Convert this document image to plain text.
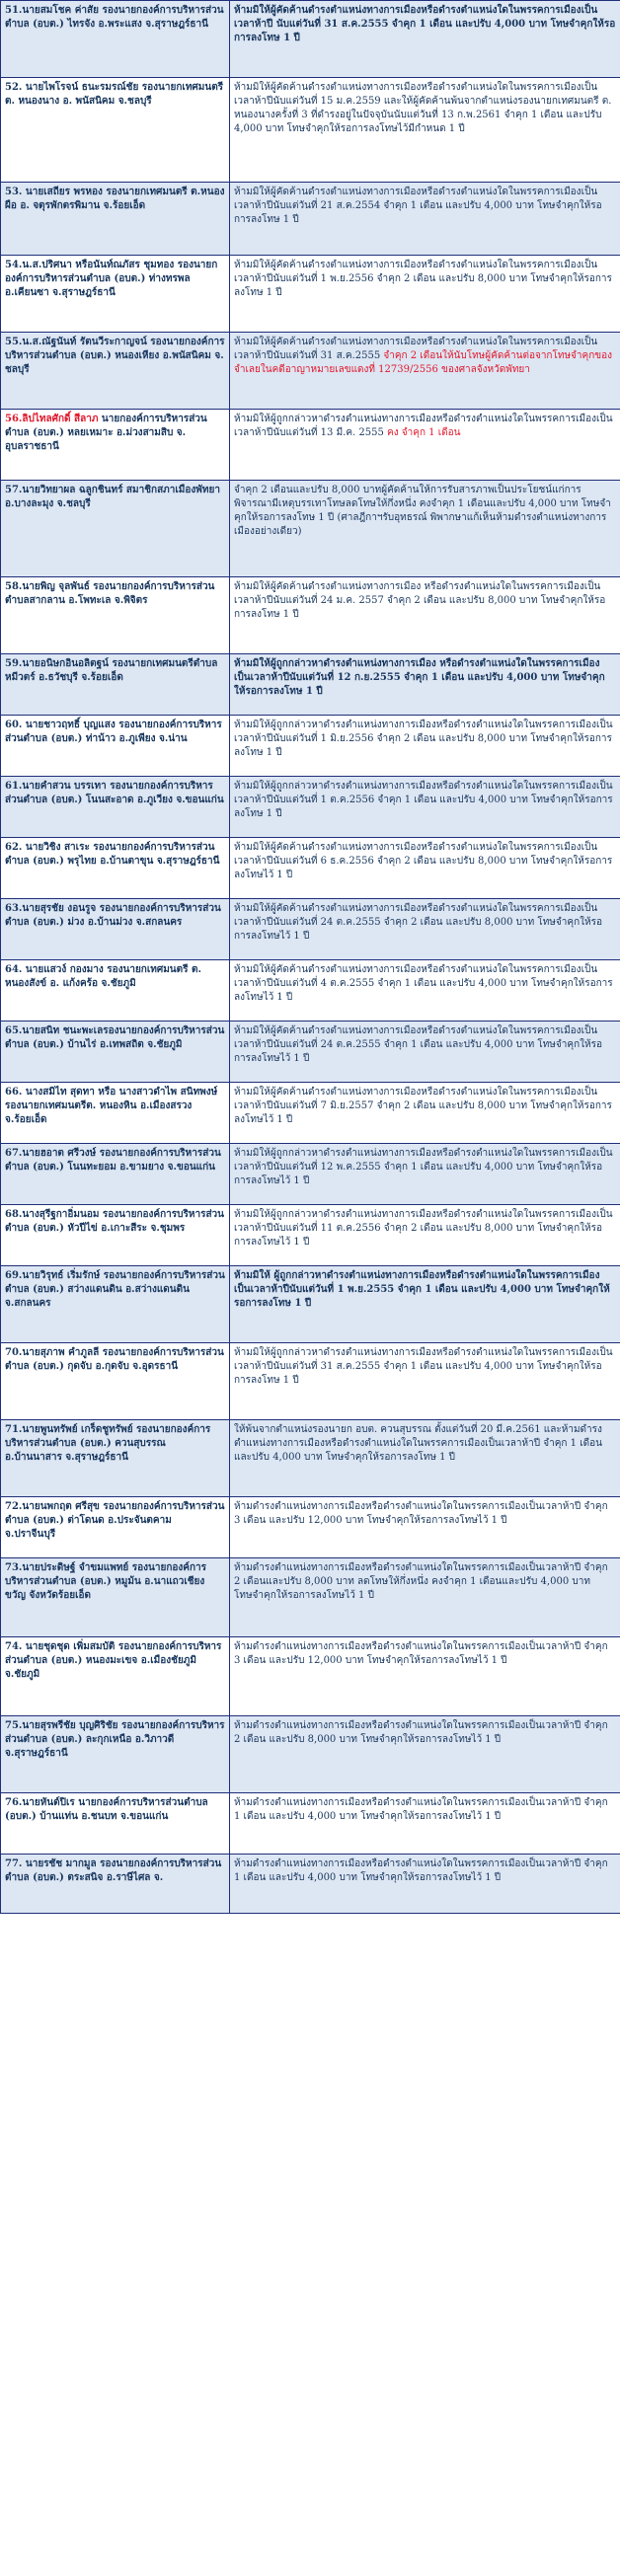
51.นายสมโชค ค่าสัย รองนายกองค์การบริหารส่วนตำบล (อบต.) ไทรจัง อ.พระแสง จ.สุราษฎร์ธานี	ห้ามมิให้ผู้คัดค้านดำรงตำแหน่งทางการเมืองหรือดำรงตำแหน่งใดในพรรคการเมืองเป็นเวลาห้าปี นับแต่วันที่ 31 ส.ค.2555 จำคุก 1 เดือน และปรับ 4,000 บาท โทษจำคุกให้รอการลงโทษ 1 ปี
52. นายไพโรจน์ ธนะรมรณ์ชัย รองนายกเทศมนตรี ต. หนองนาง อ. พนัสนิคม จ.ชลบุรี	ห้ามมิให้ผู้คัดค้านดำรงตำแหน่งทางการเมืองหรือดำรงตำแหน่งใดในพรรคการเมืองเป็นเวลาห้าปีนับแต่วันที่ 15 ม.ค.2559 และให้ผู้คัดค้านพ้นจากตำแหน่งรองนายกเทศมนตรี ต. หนองนางครั้งที่ 3 ที่ดำรงอยู่ในปัจจุบันนับแต่วันที่ 13 ก.พ.2561 จำคุก 1 เดือน และปรับ 4,000 บาท โทษจำคุกให้รอการลงโทษไว้มีกำหนด 1 ปี
53. นายเสถียร พรหอง รองนายกเทศมนตรี ต.หนองผือ อ. จตุรพักตรพิมาน จ.ร้อยเอ็ด	ห้ามมิให้ผู้คัดค้านดำรงตำแหน่งทางการเมืองหรือดำรงตำแหน่งใดในพรรคการเมืองเป็นเวลาห้าปีนับแต่วันที่ 21 ส.ค.2554 จำคุก 1 เดือน และปรับ 4,000 บาท โทษจำคุกให้รอการลงโทษ 1 ปี
54.น.ส.ปริศนา หรือนันท์ณภัสร ชุมทอง รองนายกองค์การบริหารส่วนตำบล (อบต.) ท่างทรพล อ.เคียนซา จ.สุราษฎร์ธานี	ห้ามมิให้ผู้คัดค้านดำรงตำแหน่งทางการเมืองหรือดำรงตำแหน่งใดในพรรคการเมืองเป็นเวลาห้าปีนับแต่วันที่ 1 พ.ย.2556 จำคุก 2 เดือน และปรับ 8,000 บาท โทษจำคุกให้รอการลงโทษ 1 ปี
55.น.ส.ณัฐนันท์ รัตนวีระกาญจน์ รองนายกองค์การบริหารส่วนตำบล (อบต.) หนองเหียง อ.พนัสนิคม จ. ชลบุรี	ห้ามมิให้ผู้คัดค้านดำรงตำแหน่งทางการเมืองหรือดำรงตำแหน่งใดในพรรคการเมืองเป็นเวลาห้าปีนับแต่วันที่ 31 ส.ค.2555 จำคุก 2 เดือนให้นับโทษผู้คัดค้านต่อจากโทษจำคุกของจำเลยในคดีอาญาหมายเลขแดงที่ 12739/2556 ของศาลจังหวัดพัทยา
56.ลิปไทลศักดิ์ สีลาภ นายกองค์การบริหารส่วนตำบล (อบต.) หลยเหมาะ อ.ม่วงสามสิบ จ. อุบลราชธานี	ห้ามมิให้ผู้ถูกกล่าวหาดำรงตำแหน่งทางการเมืองหรือดำรงตำแหน่งใดในพรรคการเมืองเป็นเวลาห้าปีนับแต่วันที่ 13 มี.ค. 2555 คง จำคุก 1 เดือน
57.นายวิทยาผล ฉลูกชินทร์ สมาชิกสภาเมืองพัทยา อ.บางละมุง จ.ชลบุรี	จำคุก 2 เดือนและปรับ 8,000 บาทผู้คัดค้านให้การรับสารภาพเป็นประโยชน์แก่การพิจารณามีเหตุบรรเทาโทษลดโทษให้กึ่งหนึ่ง คงจำคุก 1 เดือนและปรับ 4,000 บาท โทษจำคุกให้รอการลงโทษ 1 ปี (ศาลฎีกาฯรับอุทธรณ์ พิพากษาแก้เห็นห้ามดำรงตำแหน่งทางการเมืองอย่างเดียว)
58.นายพิญ จุลพันธ์ รองนายกองค์การบริหารส่วนตำบลสากลาน อ.โพทะเล จ.พิจิตร	ห้ามมิให้ผู้คัดค้านดำรงตำแหน่งทางการเมือง หรือดำรงตำแหน่งใดในพรรคการเมืองเป็นเวลาห้าปีนับแต่วันที่ 24 ม.ค. 2557 จำคุก 2 เดือน และปรับ 8,000 บาท โทษจำคุกให้รอการลงโทษ 1 ปี
59.นายอนิษกอินอลิตฐน์ รองนายกเทศมนตรีตำบลหมีวตร์ อ.ธวัชบุรี จ.ร้อยเอ็ด	ห้ามมิให้ผู้ถูกกล่าวหาดำรงตำแหน่งทางการเมือง หรือดำรงตำแหน่งใดในพรรคการเมืองเป็นเวลาห้าปีนับแต่วันที่ 12 ก.ย.2555 จำคุก 1 เดือน และปรับ 4,000 บาท โทษจำคุกให้รอการลงโทษ 1 ปี
60. นายชาวฤทธิ์ บุญแสง รองนายกองค์การบริหารส่วนตำบล (อบต.) ท่าน้าว อ.ภูเพียง จ.น่าน	ห้ามมิให้ผู้ถูกกล่าวหาดำรงตำแหน่งทางการเมืองหรือดำรงตำแหน่งใดในพรรคการเมืองเป็นเวลาห้าปีนับแต่วันที่ 1 มิ.ย.2556 จำคุก 2 เดือน และปรับ 8,000 บาท โทษจำคุกให้รอการลงโทษ 1 ปี
61.นายคำสวน บรรเทา รองนายกองค์การบริหารส่วนตำบล (อบต.) โนนสะอาด อ.ภูเวียง จ.ขอนแก่น	ห้ามมิให้ผู้ถูกกล่าวหาดำรงตำแหน่งทางการเมืองหรือดำรงตำแหน่งใดในพรรคการเมืองเป็นเวลาห้าปีนับแต่วันที่ 1 ต.ค.2556 จำคุก 1 เดือน และปรับ 4,000 บาท โทษจำคุกให้รอการลงโทษ 1 ปี
62. นายวิชิง สาเระ รองนายกองค์การบริหารส่วนตำบล (อบต.) พรุไทย อ.บ้านตาขุน จ.สุราษฎร์ธานี	ห้ามมิให้ผู้คัดค้านดำรงตำแหน่งทางการเมืองหรือดำรงตำแหน่งใดในพรรคการเมืองเป็นเวลาห้าปีนับแต่วันที่ 6 ธ.ค.2556 จำคุก 2 เดือน และปรับ 8,000 บาท โทษจำคุกให้รอการลงโทษไว้ 1 ปี
63.นายสุรชัย งอนรูจ รองนายกองค์การบริหารส่วนตำบล (อบต.) ม่วง อ.บ้านม่วง จ.สกลนคร	ห้ามมิให้ผู้คัดค้านดำรงตำแหน่งทางการเมืองหรือดำรงตำแหน่งใดในพรรคการเมืองเป็นเวลาห้าปีนับแต่วันที่ 24 ต.ค.2555 จำคุก 2 เดือน และปรับ 8,000 บาท โทษจำคุกให้รอการลงโทษไว้ 1 ปี
64. นายแสวง์ กองมาง รองนายกเทศมนตรี ต. หนองสังข์ อ. แก้งคร้อ จ.ชัยภูมิ	ห้ามมิให้ผู้คัดค้านดำรงตำแหน่งทางการเมืองหรือดำรงตำแหน่งใดในพรรคการเมืองเป็นเวลาห้าปีนับแต่วันที่ 4 ต.ค.2555 จำคุก 1 เดือน และปรับ 4,000 บาท โทษจำคุกให้รอการลงโทษไว้ 1 ปี
65.นายสนิท ชนะพะเลรองนายกองค์การบริหารส่วนตำบล (อบต.) บ้านไร่ อ.เทพสถิต จ.ชัยภูมิ	ห้ามมิให้ผู้คัดค้านดำรงตำแหน่งทางการเมืองหรือดำรงตำแหน่งใดในพรรคการเมืองเป็นเวลาห้าปีนับแต่วันที่ 24 ต.ค.2555 จำคุก 1 เดือน และปรับ 4,000 บาท โทษจำคุกให้รอการลงโทษไว้ 1 ปี
66. นางสมิไท สุดทา หรือ นางสาวดำไพ สนิทพงษ์ รองนายกเทศมนตรีต. หนองหิน อ.เมืองสรวง จ.ร้อยเอ็ด	ห้ามมิให้ผู้คัดค้านดำรงตำแหน่งทางการเมืองหรือดำรงตำแหน่งใดในพรรคการเมืองเป็นเวลาห้าปีนับแต่วันที่ 7 มิ.ย.2557 จำคุก 2 เดือน และปรับ 8,000 บาท โทษจำคุกให้รอการลงโทษไว้ 1 ปี
67.นายฮอาต ศรีวงษ์ รองนายกองค์การบริหารส่วนตำบล (อบต.) โนนทะยอม อ.ขามยาง จ.ขอนแก่น	ห้ามมิให้ผู้ถูกกล่าวหาดำรงตำแหน่งทางการเมืองหรือดำรงตำแหน่งใดในพรรคการเมืองเป็นเวลาห้าปีนับแต่วันที่ 12 พ.ค.2555 จำคุก 1 เดือน และปรับ 4,000 บาท โทษจำคุกให้รอการลงโทษไว้ 1 ปี
68.นางสุรีฐกาอิ่มนอม รองนายกองค์การบริหารส่วนตำบล (อบต.) หัวปีไข่ อ.เกาะสีระ จ.ชุมพร	ห้ามมิให้ผู้ถูกกล่าวหาดำรงตำแหน่งทางการเมืองหรือดำรงตำแหน่งใดในพรรคการเมืองเป็นเวลาห้าปีนับแต่วันที่ 11 ต.ค.2556 จำคุก 2 เดือน และปรับ 8,000 บาท โทษจำคุกให้รอการลงโทษไว้ 1 ปี
69.นายวิรุทธ์ เริ่มรักษ์ รองนายกองค์การบริหารส่วนตำบล (อบต.) สว่างแดนดิน อ.สว่างแดนดิน จ.สกลนคร	ห้ามมิให้ ผู้ถูกกล่าวหาดำรงตำแหน่งทางการเมืองหรือดำรงตำแหน่งใดในพรรคการเมืองเป็นเวลาห้าปีนับแต่วันที่ 1 พ.ย.2555 จำคุก 1 เดือน และปรับ 4,000 บาท โทษจำคุกให้รอการลงโทษ 1 ปี
70.นายสุภาพ คำภูลลี รองนายกองค์การบริหารส่วนตำบล (อบต.) กุดจับ อ.กุดจับ จ.อุดรธานี	ห้ามมิให้ผู้ถูกกล่าวหาดำรงตำแหน่งทางการเมืองหรือดำรงตำแหน่งใดในพรรคการเมืองเป็นเวลาห้าปีนับแต่วันที่ 31 ส.ค.2555 จำคุก 1 เดือน และปรับ 4,000 บาท โทษจำคุกให้รอการลงโทษ 1 ปี
71.นายพูนทรัพย์ เกร็ดชูทรัพย์ รองนายกองค์การบริหารส่วนตำบล (อบต.) ควนสุบรรณ อ.บ้านนาสาร จ.สุราษฎร์ธานี	ให้พ้นจากตำแหน่งรองนายก อบต. ควนสุบรรณ ตั้งแต่วันที่ 20 มี.ค.2561 และห้ามดำรงตำแหน่งทางการเมืองหรือดำรงตำแหน่งใดในพรรคการเมืองเป็นเวลาห้าปี จำคุก 1 เดือน และปรับ 4,000 บาท โทษจำคุกให้รอการลงโทษ 1 ปี
72.นายนพกฤต ศรีสุข รองนายกองค์การบริหารส่วนตำบล (อบต.) ต่าโดนด อ.ประจันตคาม จ.ปราจีนบุรี	ห้ามดำรงตำแหน่งทางการเมืองหรือดำรงตำแหน่งใดในพรรคการเมืองเป็นเวลาห้าปี จำคุก 3 เดือน และปรับ 12,000 บาท โทษจำคุกให้รอการลงโทษไว้ 1 ปี
73.นายประดิษฐ์ จำขมแพทย์ รองนายกองค์การบริหารส่วนตำบล (อบต.) หมูม้น อ.นาแถวเชียงขวัญ จังหวัดร้อยเอ็ด	ห้ามดำรงตำแหน่งทางการเมืองหรือดำรงตำแหน่งใดในพรรคการเมืองเป็นเวลาห้าปี จำคุก 2 เดือนและปรับ 8,000 บาท ลดโทษให้กึ่งหนึ่ง คงจำคุก 1 เดือนและปรับ 4,000 บาท โทษจำคุกให้รอการลงโทษไว้ 1 ปี
74. นายชุดชุด เพิ่มสมบัติ รองนายกองค์การบริหารส่วนตำบล (อบต.) หนองมะเขจ อ.เมืองชัยภูมิ จ.ชัยภูมิ	ห้ามดำรงตำแหน่งทางการเมืองหรือดำรงตำแหน่งใดในพรรคการเมืองเป็นเวลาห้าปี จำคุก 3 เดือน และปรับ 12,000 บาท โทษจำคุกให้รอการลงโทษไว้ 1 ปี
75.นายสุรพรีชัย บุญศิริชัย รองนายกองค์การบริหารส่วนตำบล (อบต.) ละกุกเหนือ อ.วิภาวดี จ.สุราษฎร์ธานี	ห้ามดำรงตำแหน่งทางการเมืองหรือดำรงตำแหน่งใดในพรรคการเมืองเป็นเวลาห้าปี จำคุก 2 เดือน และปรับ 8,000 บาท โทษจำคุกให้รอการลงโทษไว้ 1 ปี
76.นายหันต์ปิเร นายกองค์การบริหารส่วนตำบล (อบต.) บ้านแท่น อ.ชนบท จ.ขอนแก่น	ห้ามดำรงตำแหน่งทางการเมืองหรือดำรงตำแหน่งใดในพรรคการเมืองเป็นเวลาห้าปี จำคุก 1 เดือน และปรับ 4,000 บาท โทษจำคุกให้รอการลงโทษไว้ 1 ปี
77. นายรชัช มากมูล รองนายกองค์การบริหารส่วนตำบล (อบต.) ตระสนิจ อ.ราษีไศล จ.	ห้ามดำรงตำแหน่งทางการเมืองหรือดำรงตำแหน่งใดในพรรคการเมืองเป็นเวลาห้าปี จำคุก 1 เดือน และปรับ 4,000 บาท โทษจำคุกให้รอการลงโทษไว้ 1 ปี
